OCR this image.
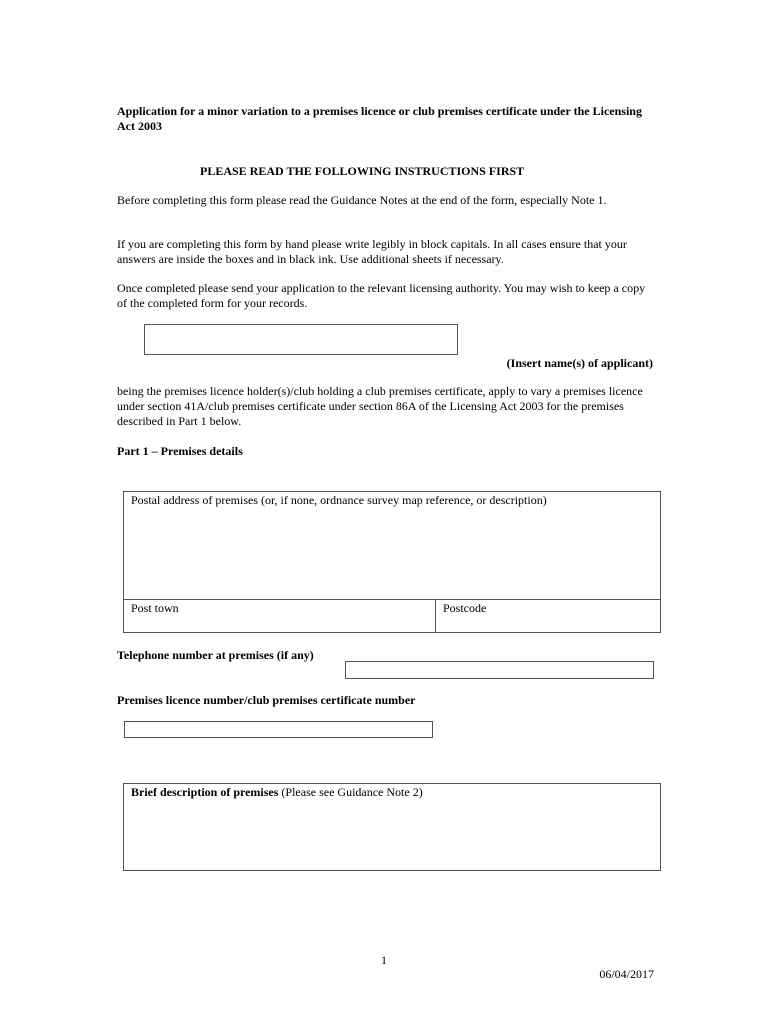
Application for a minor variation to a premises licence or club premises certificate under the Licensing Act 2003

PLEASE READ THE FOLLOWING INSTRUCTIONS FIRST

Before completing this form please read the Guidance Notes at the end of the form, especially Note 1.

If you are completing this form by hand please write legibly in block capitals. In all cases ensure that your answers are inside the boxes and in black ink. Use additional sheets if necessary.

Once completed please send your application to the relevant licensing authority. You may wish to keep a copy of the completed form for your records.

(Insert name(s) of applicant)

being the premises licence holder(s)/club holding a club premises certificate, apply to vary a premises licence under section 41A/club premises certificate under section 86A of the Licensing Act 2003 for the premises described in Part 1 below.

Part 1 – Premises details

Postal address of premises (or, if none, ordnance survey map reference, or description)
Post town	Postcode

Telephone number at premises (if any)

Premises licence number/club premises certificate number

Brief description of premises (Please see Guidance Note 2)

1

06/04/2017
